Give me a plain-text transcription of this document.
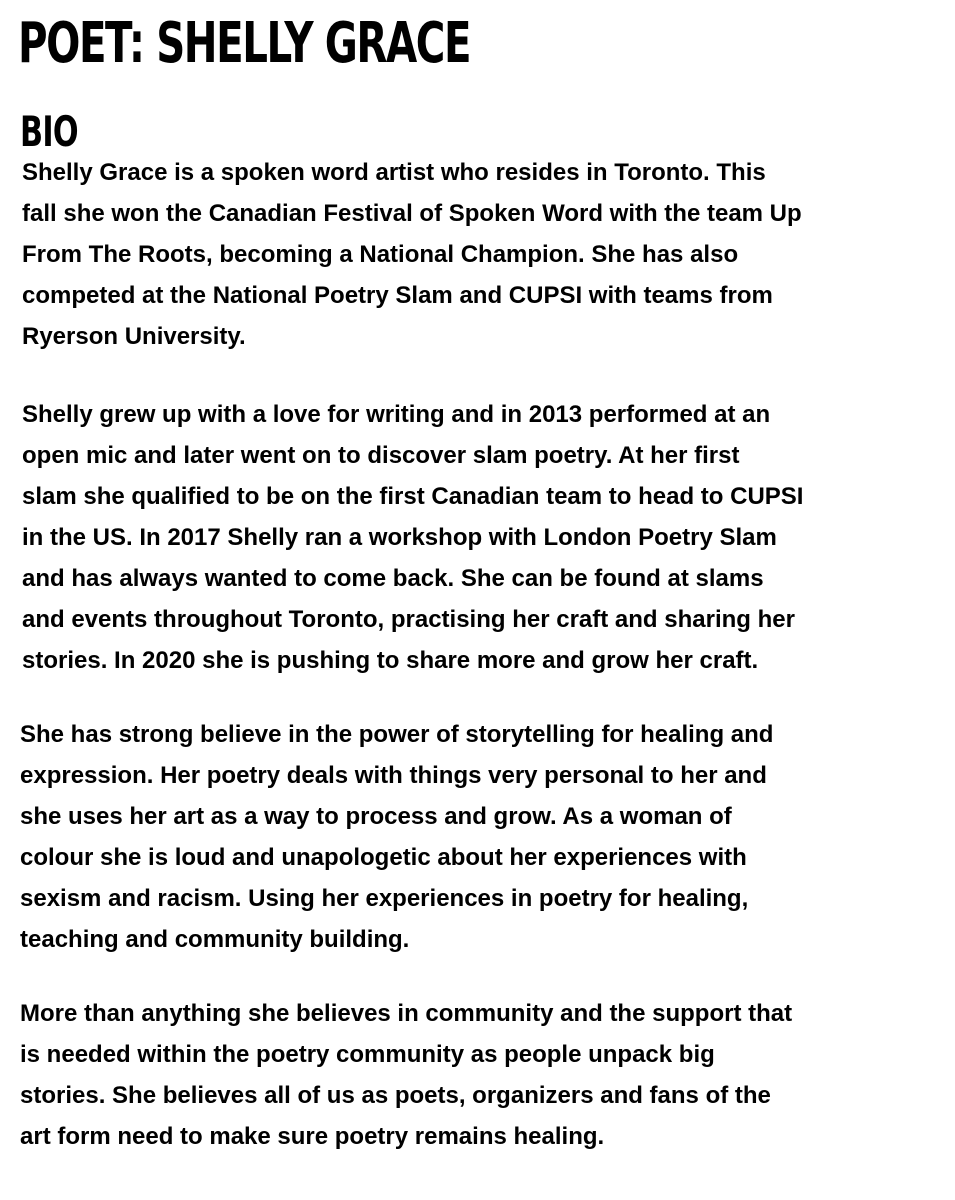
POET: SHELLY GRACE
BIO

Shelly Grace is a spoken word artist who resides in Toronto. This
fall she won the Canadian Festival of Spoken Word with the team Up
From The Roots, becoming a National Champion. She has also
competed at the National Poetry Slam and CUPSI with teams from
Ryerson University.

Shelly grew up with a love for writing and in 2013 performed at an
open mic and later went on to discover slam poetry. At her first
slam she qualified to be on the first Canadian team to head to CUPSI
in the US. In 2017 Shelly ran a workshop with London Poetry Slam
and has always wanted to come back. She can be found at slams
and events throughout Toronto, practising her craft and sharing her
stories. In 2020 she is pushing to share more and grow her craft.

She has strong believe in the power of storytelling for healing and
expression. Her poetry deals with things very personal to her and
she uses her art as a way to process and grow. As a woman of
colour she is loud and unapologetic about her experiences with
sexism and racism. Using her experiences in poetry for healing,
teaching and community building.

More than anything she believes in community and the support that
is needed within the poetry community as people unpack big
stories. She believes all of us as poets, organizers and fans of the
art form need to make sure poetry remains healing.
